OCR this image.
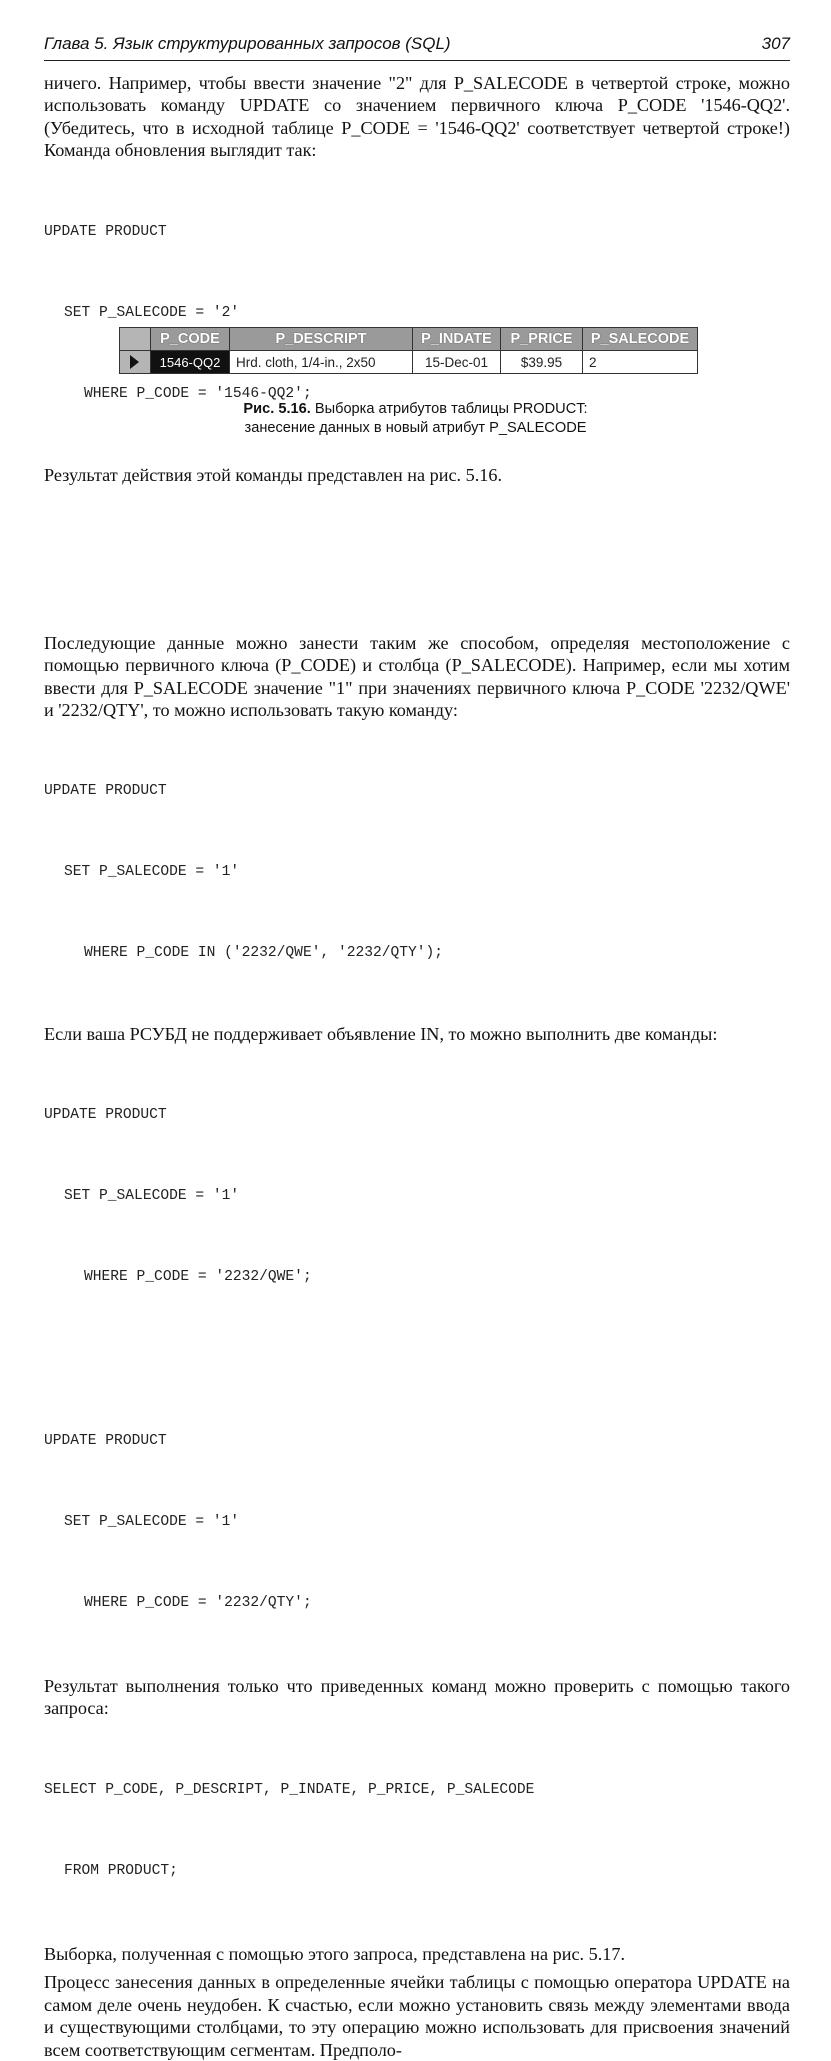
Глава 5. Язык структурированных запросов (SQL)	307

ничего. Например, чтобы ввести значение "2" для P_SALECODE в четвертой строке, можно использовать команду UPDATE со значением первичного ключа P_CODE '1546-QQ2'. (Убедитесь, что в исходной таблице P_CODE = '1546-QQ2' соответствует четвертой строке!) Команда обновления выглядит так:

UPDATE PRODUCT

SET P_SALECODE = '2'

WHERE P_CODE = '1546-QQ2';

Результат действия этой команды представлен на рис. 5.16.

Последующие данные можно занести таким же способом, определяя местоположение с помощью первичного ключа (P_CODE) и столбца (P_SALECODE). Например, если мы хотим ввести для P_SALECODE значение "1" при значениях первичного ключа P_CODE '2232/QWE' и '2232/QTY', то можно использовать такую команду:

UPDATE PRODUCT

SET P_SALECODE = '1'

WHERE P_CODE IN ('2232/QWE', '2232/QTY');

Если ваша РСУБД не поддерживает объявление IN, то можно выполнить две команды:

UPDATE PRODUCT

SET P_SALECODE = '1'

WHERE P_CODE = '2232/QWE';

UPDATE PRODUCT

SET P_SALECODE = '1'

WHERE P_CODE = '2232/QTY';

Результат выполнения только что приведенных команд можно проверить с помощью такого запроса:

SELECT P_CODE, P_DESCRIPT, P_INDATE, P_PRICE, P_SALECODE

FROM PRODUCT;

Выборка, полученная с помощью этого запроса, представлена на рис. 5.17.

Процесс занесения данных в определенные ячейки таблицы с помощью оператора UPDATE на самом деле очень неудобен. К счастью, если можно установить связь между элементами ввода и существующими столбцами, то эту операцию можно использовать для присвоения значений всем соответствующим сегментам. Предполо-

	P_CODE	P_DESCRIPT	P_INDATE	P_PRICE	P_SALECODE
	1546-QQ2	Hrd. cloth, 1/4-in., 2x50	15-Dec-01	$39.95	2
Рис. 5.16. Выборка атрибутов таблицы PRODUCT:
занесение данных в новый атрибут P_SALECODE
